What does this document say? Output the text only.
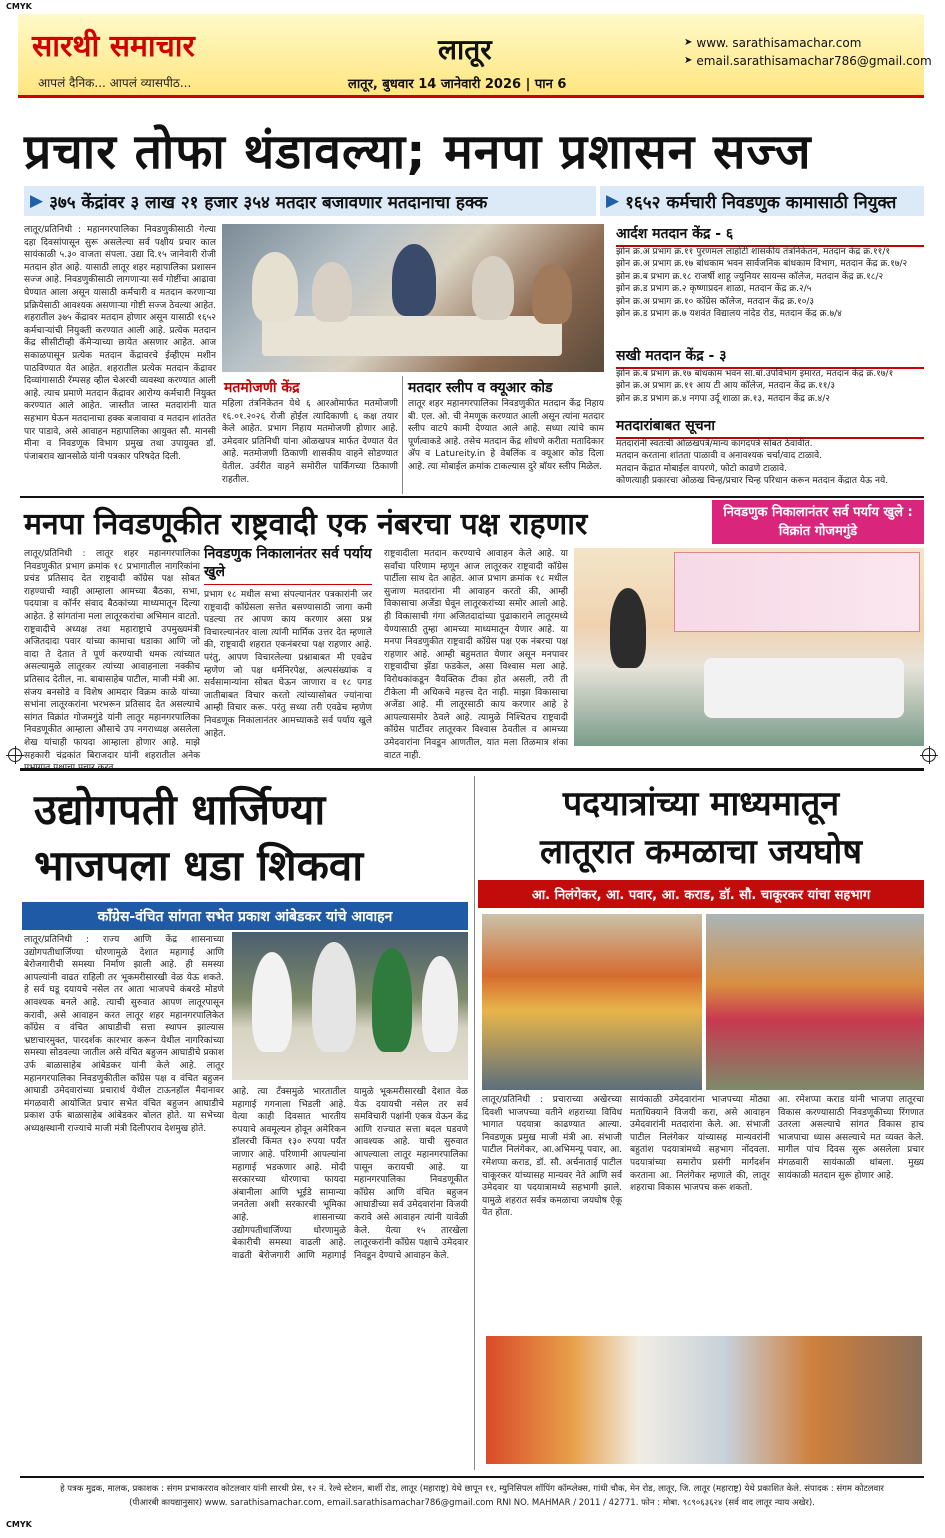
CMYK
CMYK
सारथी समाचार
आपलं दैनिक... आपलं व्यासपीठ...
लातूर
लातूर, बुधवार 14 जानेवारी 2026 | पान 6
➤ www. sarathisamachar.com
➤ email.sarathisamachar786@gmail.com
प्रचार तोफा थंडावल्या; मनपा प्रशासन सज्ज
▶ ३७५ केंद्रांवर ३ लाख २१ हजार ३५४ मतदार बजावणार मतदानाचा हक्क	▶ १६५२ कर्मचारी निवडणुक कामासाठी नियुक्त
लातूर/प्रतिनिधी : महानगरपालिका निवडणुकीसाठी गेल्या दहा दिवसांपासून सुरू असलेल्या सर्व पक्षीय प्रचार काल सायंकाळी ५.३० वाजता संपला. उद्या दि.१५ जानेवारी रोजी मतदान होत आहे. यासाठी लातूर शहर महापालिका प्रशासन सज्ज आहे. निवडणुकीसाठी लागणाऱ्या सर्व गोष्टींचा आढावा घेण्यात आला असून यासाठी कर्मचारी व मतदान करणाऱ्या प्रक्रियेसाठी आवश्यक असणाऱ्या गोष्टी सज्ज ठेवल्या आहेत. शहरातील ३७५ केंद्रावर मतदान होणार असून यासाठी १६५२ कर्मचाऱ्यांची नियुक्ती करण्यात आली आहे. प्रत्येक मतदान केंद्र सीसीटीव्ही कॅमेऱ्याच्या छायेत असणार आहेत. आज सकाळपासून प्रत्येक मतदान केंद्रावरचे ईव्हीएम मशीन पाठविण्यात येत आहेत. शहरातील प्रत्येक मतदान केंद्रावर दिव्यांगासाठी रॅम्पसह व्हील चेअरची व्यवस्था करण्यात आली आहे. त्याच प्रमाणे मतदान केंद्रावर आरोग्य कर्मचारी नियुक्त करण्यात आले आहेत. जास्तीत जास्त मतदारांनी यात सहभाग घेऊन मतदानाचा हक्क बजावावा व मतदान शांततेत पार पाडावे, असे आवाहन महापालिका आयुक्त सौ. मानसी मीना व निवडणूक विभाग प्रमुख तथा उपायुक्त डॉ. पंजाबराव खानसोळे यांनी पत्रकार परिषदेत दिली.
मतमोजणी केंद्र
महिला तंत्रनिकेतन येथे ६ आरओमार्फत मतमोजणी १६.०१.२०२६ रोजी होईल त्यादिकाणी ६ कक्ष तयार केले आहेत. प्रभाग निहाय मतमोजणी होणार आहे. उमेदवार प्रतिनिधी यांना ओळखपत्र मार्फत देण्यात येत आहे. मतमोजणी ठिकाणी शासकीय वाहने सोडण्यात येतील. उर्वरीत वाहने समोरील पार्किंगच्या ठिकाणी राहतील.
मतदार स्लीप व क्यूआर कोड
लातूर शहर महानगरपालिका निवडणुकीत मतदान केंद्र निहाय बी. एल. ओ. ची नेमणूक करण्यात आली असून त्यांना मतदार स्लीप वाटपे कामी देण्यात आले आहे. सध्या त्यांचे काम पूर्णत्वाकडे आहे. तसेच मतदान केंद्र शोधणे करीता मतादिकार ॲप व Latureity.in हे वेबलिंक व क्यूआर कोड दिला आहे. त्या मोबाईल क्रमांक टाकल्यास दुरे बॉयर स्लीप मिळेल.
आर्दश मतदान केंद्र - ६
झोन क्र.अ प्रभाग क्र.११ पुरणमल लाहोटी शासकीय तंत्रनिकेतन, मतदान केंद्र क्र.११/१
झोन क्र.अ प्रभाग क्र.१७ बांधकाम भवन सार्वजनिक बांधकाम विभाग, मतदान केंद्र क्र.१७/२
झोन क्र.ब प्रभाग क्र.१८ राजर्षी शाहू ज्युनियर सायन्स कॉलेज, मतदान केंद्र क्र.१८/२
झोन क्र.ड प्रभाग क्र.२ कृष्णाप्रदन शाळा, मतदान केंद्र क्र.२/५
झोन क्र.अ प्रभाग क्र.१० कॉग्रेस कॉलेज, मतदान केंद्र क्र.१०/३
झोन क्र.ड प्रभाग क्र.७ यशवंत विद्यालय नांदेड रोड, मतदान केंद्र क्र.७/४
सखी मतदान केंद्र - ३
झोन क्र.ब प्रभाग क्र.१७ बांधकाम भवन सा.बां.उपविभाग इमारत, मतदान केंद्र क्र.१७/१
झोन क्र.अ प्रभाग क्र.११ आय टी आय कॉलेज, मतदान केंद्र क्र.११/३
झोन क्र.ड प्रभाग क्र.४ नगपा उर्दू शाळा क्र.१३, मतदान केंद्र क्र.४/२
मतदारांबाबत सूचना
मतदारांनी स्वतःची ओळखपत्रे/मान्य कागदपत्रे सोबत ठेवावीत.
मतदान करताना शांतता पाळावी व अनावश्यक चर्चा/वाद टाळावे.
मतदान केंद्रात मोबाईल वापरणे, फोटो काढणे टाळावे.
कोणत्याही प्रकारचा ओळख चिन्ह/प्रचार चिन्ह परिधान करून मतदान केंद्रात येऊ नये.
मनपा निवडणूकीत राष्ट्रवादी एक नंबरचा पक्ष राहणार	निवडणुक निकालानंतर सर्व पर्याय खुले : विक्रांत गोजमगुंडे
लातूर/प्रतिनिधी : लातूर शहर महानगरपालिका निवडणुकीत प्रभाग क्रमांक १८ प्रभागातील नागरिकांना प्रचंड प्रतिसाद देत राष्ट्रवादी कॉग्रेस पक्ष सोबत राहण्याची ग्वाही आम्हाला आमच्या बैठका, सभा, पदयात्रा व कॉर्नर संवाद बैठकांच्या माध्यमातून दिल्या आहेत. हे सांगतांना मला लातूरकरांचा अभिमान वाटतो. राष्ट्रवादीचे अध्यक्ष तथा महाराष्ट्राचे उपमुख्यमंत्री अजितदादा पवार यांच्या कामाचा धडाका आणि जो वादा ते देतात ते पूर्ण करण्याची धमक त्यांच्यात असल्यामुळे लातूरकर त्यांच्या आवाहनाला नक्कीच प्रतिसाद देतील, ना. बाबासाहेब पाटील, माजी मंत्री आ. संजय बनसोडे व विशेष आमदार विक्रम काळे यांच्या सभांना लातूरकरांना भरभरून प्रतिसाद देत असल्याचे सांगत विक्रांत गोजमगुंडे यांनी लातूर महानगरपालिका निवडणूकीत आम्हाला औसाचे उप नगराध्यक्ष असलेला शेख यांचाही फायदा आम्हाला होणार आहे. माझे सहकारी चंद्रकांत बिराजदार यांनी शहरातील अनेक
निवडणुक निकालानंतर सर्व पर्याय खुले
प्रभाग १८ मधील सभा संपल्यानंतर पत्रकारांनी जर राष्ट्रवादी कॉग्रेसला सत्तेत बसण्यासाठी जागा कमी पडल्या तर आपण काय करणार असा प्रश्न विचारल्यानंतर वाला त्यांनी मार्मिक उत्तर देत म्हणाले की, राष्ट्रवादी शहरात एकनंबरचा पक्ष राहणार आहे. परंतु, आपण विचारलेल्या प्रश्नाबाबत मी एवढेच म्हणेण जो पक्ष धर्मनिरपेक्ष, अल्पसंख्यांक व सर्वसामान्यांना सोबत घेऊन जाणारा व १८ पगड जातीबाबत विचार करतो त्यांच्यासोबत ज्यांनाचा आम्ही विचार करू. परंतु सध्या तरी एवढेच म्हणेण निवडणूक निकालानंतर आमच्याकडे सर्व पर्याय खुले आहेत.
राष्ट्रवादीला मतदान करण्याचे आवाहन केले आहे. या सर्वांचा परिणाम म्हणून आज लातूरकर राष्ट्रवादी कॉग्रेस पार्टीला साथ देत आहेत. आज प्रभाग क्रमांक १८ मधील सुजाण मतदारांना मी आवाहन करतो की, आम्ही विकासाचा अजेंडा घेवून लातूरकरांच्या समोर आलो आहे. ही विकासाची गंगा अजितदादांच्या पुढाकाराने लातूरमध्ये येण्यासाठी तुम्हा आमच्या माध्यमातून येणार आहे. या मनपा निवडणुकीत राष्ट्रवादी कॉग्रेस पक्ष एक नंबरचा पक्ष राहणार आहे. आम्ही बहुमतात येणार असून मनपावर राष्ट्रवादीचा झेंडा फडकेल, असा विश्वास मला आहे. विरोधकांकडून वैयक्तिक टीका होत असली, तरी ती टीकेला मी अधिकचे महत्त्व देत नाही. माझा विकासाचा अजेंडा आहे. मी लातूरसाठी काय करणार आहे हे आपल्यासमोर ठेवले आहे. त्यामुळे निश्चितच राष्ट्रवादी कॉग्रेस पार्टीवर लातूरकर विश्वास ठेवतील व आमच्या उमेदवारांना निवडून आणतील, यात मला तिळमात्र शंका वाटत नाही.
उद्योगपती धार्जिण्या
भाजपला धडा शिकवा
काँग्रेस-वंचित सांगता सभेत प्रकाश आंबेडकर यांचे आवाहन
लातूर/प्रतिनिधी : राज्य आणि केंद्र शासनाच्या उद्योगपतीधार्जिण्या धोरणामुळे देशात महागाई आणि बेरोजगारीची समस्या निर्माण झाली आहे. ही समस्या आपल्यांनी वाढत राहिली तर भूकमरीसारखी वेळ येऊ शकते. हे सर्व घडू दयायचे नसेल तर आता भाजपचे कंबरडे मोडणे आवश्यक बनले आहे. त्याची सुरुवात आपण लातूरपासून करावी, असे आवाहन करत लातूर शहर महानगरपालिकेत काँग्रेस व वंचित आघाडीची सत्ता स्थापन झाल्यास भ्रष्टाचारमुक्त, पारदर्शक कारभार करून येथील नागरिकांच्या समस्या सोडवल्या जातील असे वंचित बहुजन आघाडीचे प्रकाश उर्फ बाळासाहेब आंबेडकर यांनी केले आहे. लातूर महानगरपालिका निवडणुकीतील काँग्रेस पक्ष व वंचित बहुजन आघाडी उमेदवारांच्या प्रचारार्थ येथील टाऊनहॉल मैदानावर मंगळवारी आयोजित प्रचार सभेत वंचित बहुजन आघाडीचे प्रकाश उर्फ बाळासाहेब आंबेडकर बोलत होते. या सभेच्या अध्यक्षस्थानी राज्याचे माजी मंत्री दिलीपराव देशमुख होते.
आहे. त्या टँक्समुळे भारतातील महागाई गगनाला भिडली आहे. येत्या काही दिवसात भारतीय रुपयाचे अवमूल्यन होवून अमेरिकन डॉलरची किंमत १३० रुपया पर्यंत जाणार आहे. परिणामी आपल्यांना महागाई भडकणार आहे. मोदी सरकारच्या धोरणाचा फायदा अंबानीला आणि भूईडे सामान्या जनतेला अशी सरकारची भूमिका आहे. शासनाच्या उद्योगपतीधार्जिण्या धोरणामुळे बेकारीची समस्या वाढली आहे. वाढती बेरोजगारी आणि महागाई यामुळे भूकमरीसारखी देशात वेळ येऊ दयायची नसेल तर सर्व समविचारी पक्षांनी एकत्र येऊन केंद्र आणि राज्यात सत्ता बदल घडवणे आवश्यक आहे. याची सुरुवात आपल्याला लातूर महानगरपालिका पासून करायची आहे. या महानगरपालिका निवडणूकीत काँग्रेस आणि वंचित बहुजन आघाडीच्या सर्व उमेदवारांना विजयी करावे असे आवाहन त्यांनी यावेळी केले. येत्या १५ तारखेला लातूरकरांनी काँग्रेस पक्षाचे उमेदवार निवडून देण्याचे आवाहन केले.
पदयात्रांच्या माध्यमातून
लातूरात कमळाचा जयघोष
आ. निलंगेकर, आ. पवार, आ. कराड, डॉ. सौ. चाकूरकर यांचा सहभाग
लातूर/प्रतिनिधी : प्रचाराच्या अखेरच्या दिवशी भाजपच्या वतीने शहराच्या विविध भागात पदयात्रा काढण्यात आल्या. निवडणूक प्रमुख माजी मंत्री आ. संभाजी पाटील निलंगेकर, आ.अभिमन्यू पवार, आ. रमेशप्पा कराड, डॉ. सौ. अर्चनाताई पाटील चाकूरकर यांच्यासह मान्यवर नेते आणि सर्व उमेदवार या पदयात्रामध्ये सहभागी झाले. यामुळे शहरात सर्वत्र कमळाचा जयघोष ऐकू येत होता.
सायंकाळी उमेदवारांना भाजपच्या मोठ्या मताधिक्याने विजयी करा, असे आवाहन उमेदवारांनी मतदारांना केले. आ. संभाजी पाटील निलंगेकर यांच्यासह मान्यवरांनी बहुतांश पदयात्रांमध्ये सहभाग नोंदवला. पदयात्रांच्या समारोप प्रसंगी मार्गदर्शन करताना आ. निलंगेकर म्हणाले की, लातूर शहराचा विकास भाजपच करू शकतो.
आ. रमेशप्पा कराड यांनी भाजपा लातूरचा विकास करण्यासाठी निवडणूकीच्या रिंगणात उतरला असल्याचे सांगत विकास हाच भाजपाचा ध्यास असल्याचे मत व्यक्त केले. मागील पांच दिवस सुरू असलेला प्रचार मंगळवारी सायंकाळी थांबला. मुख्य सायंकाळी मतदान सुरू होणार आहे.
हे पत्रक मुद्रक, मालक, प्रकाशक : संगम प्रभाकरराव कोटलवार यांनी सारथी प्रेस, १२ नं. रेल्वे स्टेशन, बार्शी रोड, लातूर (महाराष्ट्र) येथे छापून ११, म्युनिसिपल शॉपिंग कॉम्प्लेक्स, गांधी चौक, मेन रोड, लातूर, जि. लातूर (महाराष्ट्र) येथे प्रकाशित केले. संपादक : संगम कोटलवार
(पीआरबी कायद्यानुसार) www. sarathisamachar.com, email.sarathisamachar786@gmail.com RNI NO. MAHMAR / 2011 / 42771. फोन : मोबा. ९८९०६३६२४ (सर्व वाद लातूर न्याय अखेर).
